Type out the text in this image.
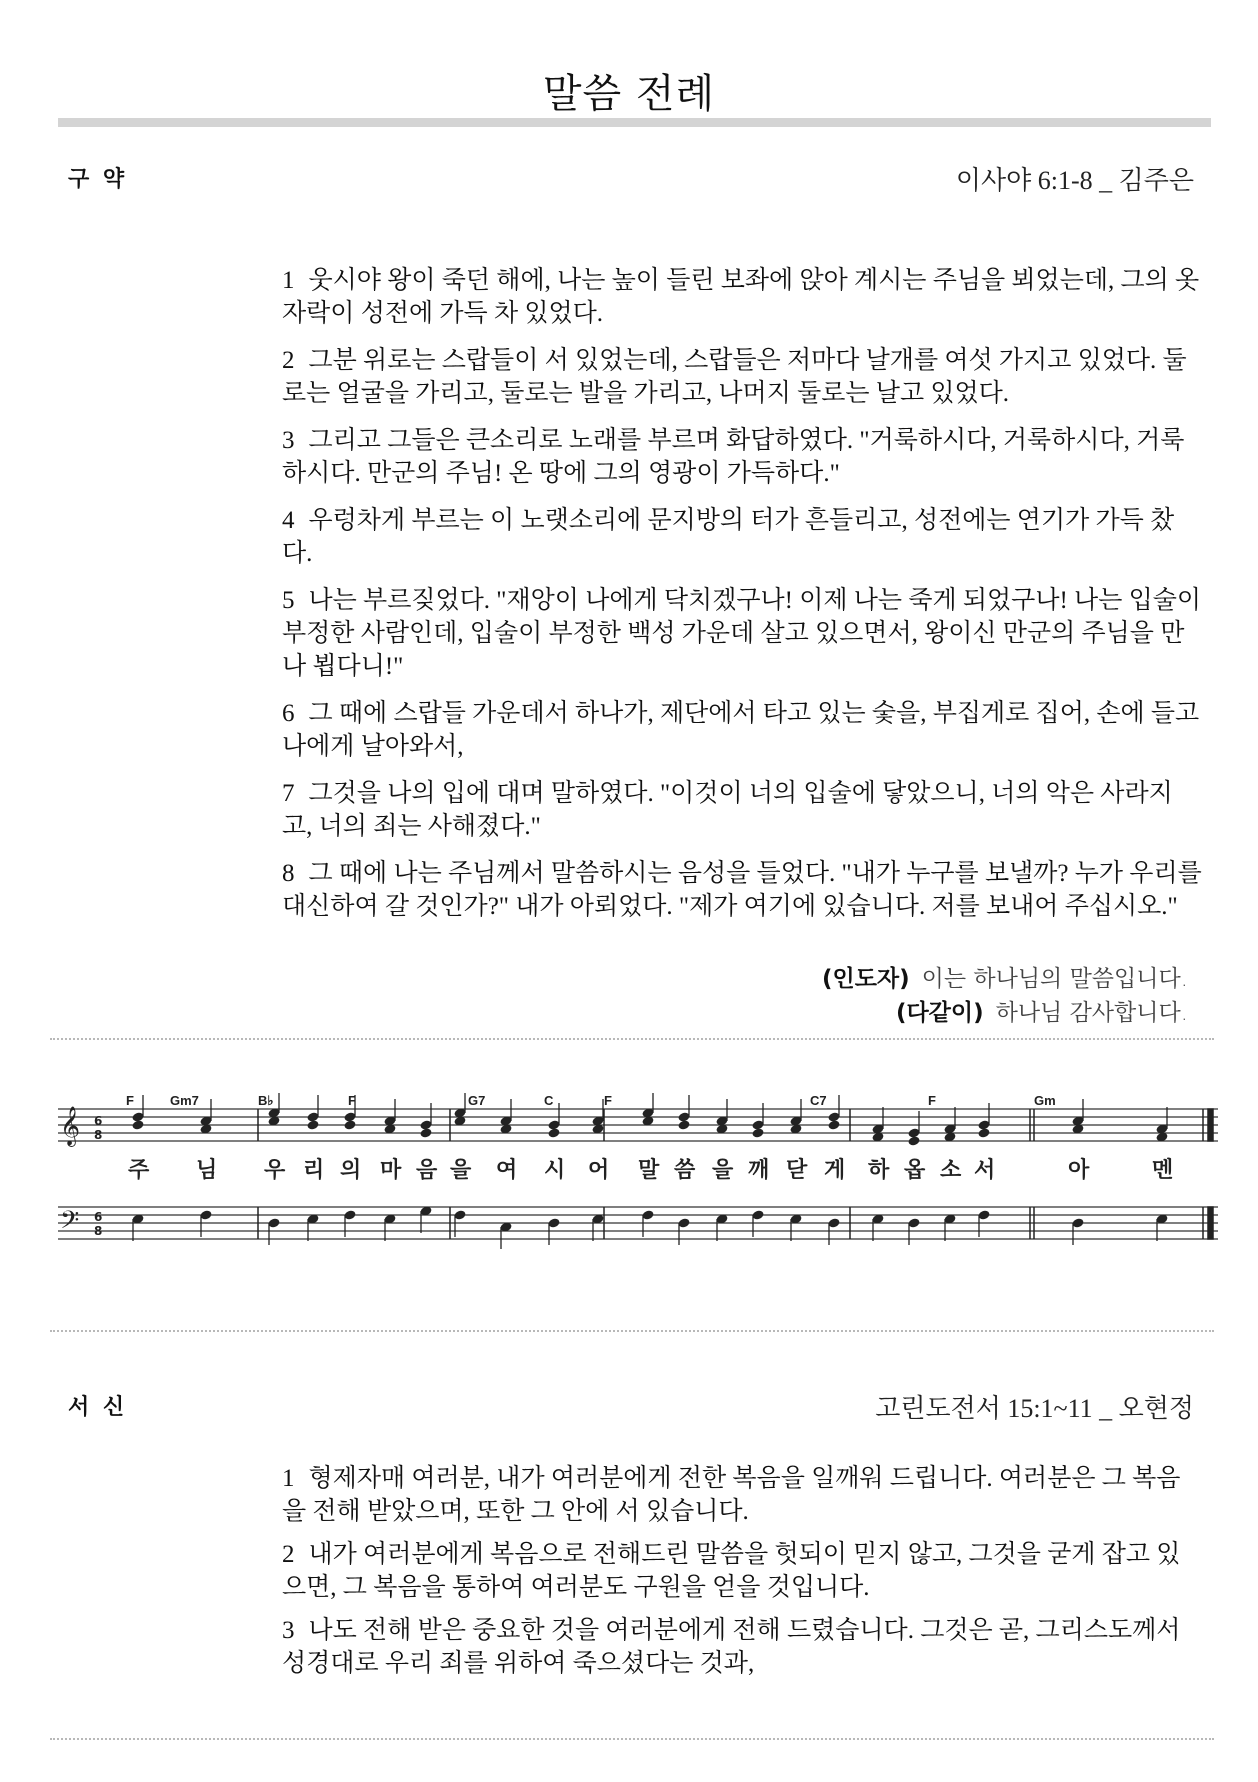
말씀 전례
구 약	이사야 6:1-8 _ 김주은

1 웃시야 왕이 죽던 해에, 나는 높이 들린 보좌에 앉아 계시는 주님을 뵈었는데, 그의 옷자락이 성전에 가득 차 있었다.

2 그분 위로는 스랍들이 서 있었는데, 스랍들은 저마다 날개를 여섯 가지고 있었다. 둘로는 얼굴을 가리고, 둘로는 발을 가리고, 나머지 둘로는 날고 있었다.

3 그리고 그들은 큰소리로 노래를 부르며 화답하였다. "거룩하시다, 거룩하시다, 거룩하시다. 만군의 주님! 온 땅에 그의 영광이 가득하다."

4 우렁차게 부르는 이 노랫소리에 문지방의 터가 흔들리고, 성전에는 연기가 가득 찼다.

5 나는 부르짖었다. "재앙이 나에게 닥치겠구나! 이제 나는 죽게 되었구나! 나는 입술이 부정한 사람인데, 입술이 부정한 백성 가운데 살고 있으면서, 왕이신 만군의 주님을 만나 뵙다니!"

6 그 때에 스랍들 가운데서 하나가, 제단에서 타고 있는 숯을, 부집게로 집어, 손에 들고 나에게 날아와서,

7 그것을 나의 입에 대며 말하였다. "이것이 너의 입술에 닿았으니, 너의 악은 사라지고, 너의 죄는 사해졌다."

8 그 때에 나는 주님께서 말씀하시는 음성을 들었다. "내가 누구를 보낼까? 누가 우리를 대신하여 갈 것인가?" 내가 아뢰었다. "제가 여기에 있습니다. 저를 보내어 주십시오."

(인도자) 이는 하나님의 말씀입니다.
(다같이) 하나님 감사합니다.
𝄞
𝄢
6
8
6
8
F	Gm7	B♭	F	G7	C	F	C7	F	Gm
주 님 우 리 의 마 음 을 여 시 어 말 씀 을 깨 닫 게 하 옵 소 서	아	멘
서 신	고린도전서 15:1~11 _ 오현정

1 형제자매 여러분, 내가 여러분에게 전한 복음을 일깨워 드립니다. 여러분은 그 복음을 전해 받았으며, 또한 그 안에 서 있습니다.

2 내가 여러분에게 복음으로 전해드린 말씀을 헛되이 믿지 않고, 그것을 굳게 잡고 있으면, 그 복음을 통하여 여러분도 구원을 얻을 것입니다.

3 나도 전해 받은 중요한 것을 여러분에게 전해 드렸습니다. 그것은 곧, 그리스도께서 성경대로 우리 죄를 위하여 죽으셨다는 것과,
